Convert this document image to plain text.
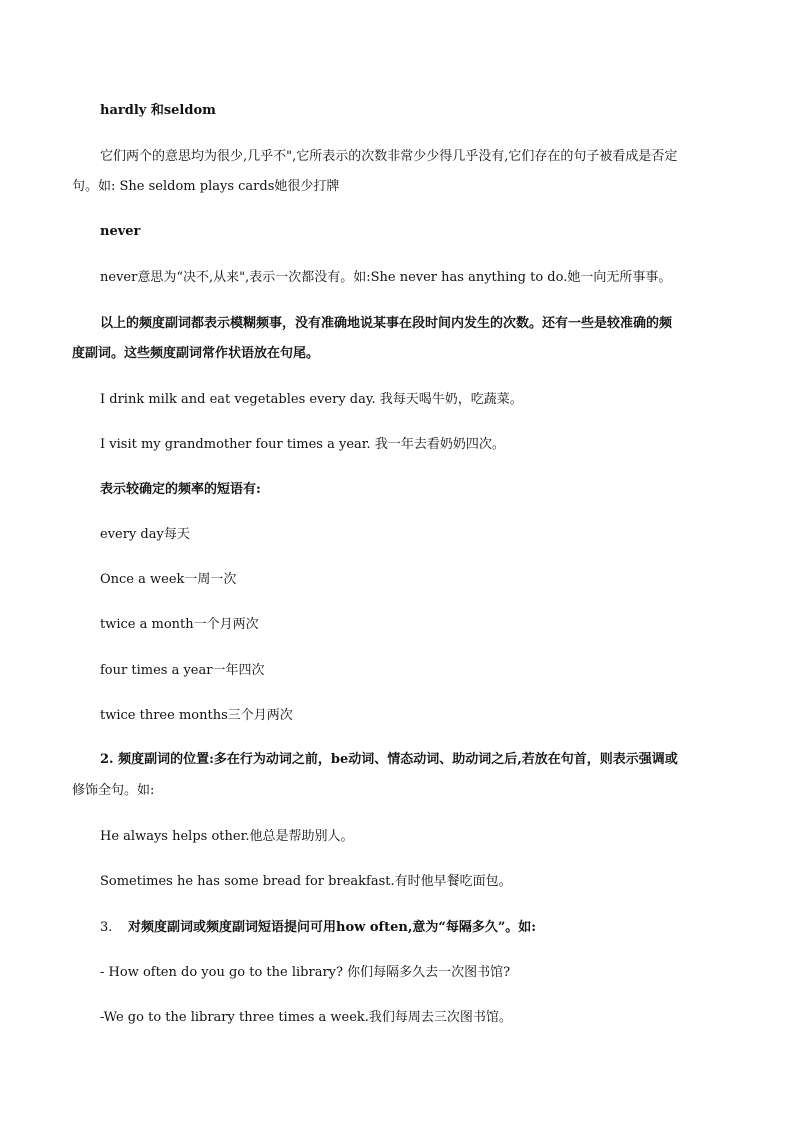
hardly 和seldom
它们两个的意思均为很少,几乎不",它所表示的次数非常少少得几乎没有,它们存在的句子被看成是否定
句。如: She seldom plays cards她很少打牌
never
never意思为“决不,从来",表示一次都没有。如:She never has anything to do.她一向无所事事。
以上的频度副词都表示模糊频事，没有准确地说某事在段时间内发生的次数。还有一些是较准确的频
度副词。这些频度副词常作状语放在句尾。
I drink milk and eat vegetables every day. 我每天喝牛奶，吃蔬菜。
I visit my grandmother four times a year. 我一年去看奶奶四次。
表示较确定的频率的短语有:
every day每天
Once a week一周一次
twice a month一个月两次
four times a year一年四次
twice three months三个月两次
2. 频度副词的位置:多在行为动词之前，be动词、情态动词、助动词之后,若放在句首，则表示强调或
修饰全句。如:
He always helps other.他总是帮助别人。
Sometimes he has some bread for breakfast.有时他早餐吃面包。
3. 对频度副词或频度副词短语提问可用how often,意为“每隔多久”。如:
- How often do you go to the library? 你们每隔多久去一次图书馆?
-We go to the library three times a week.我们每周去三次图书馆。
